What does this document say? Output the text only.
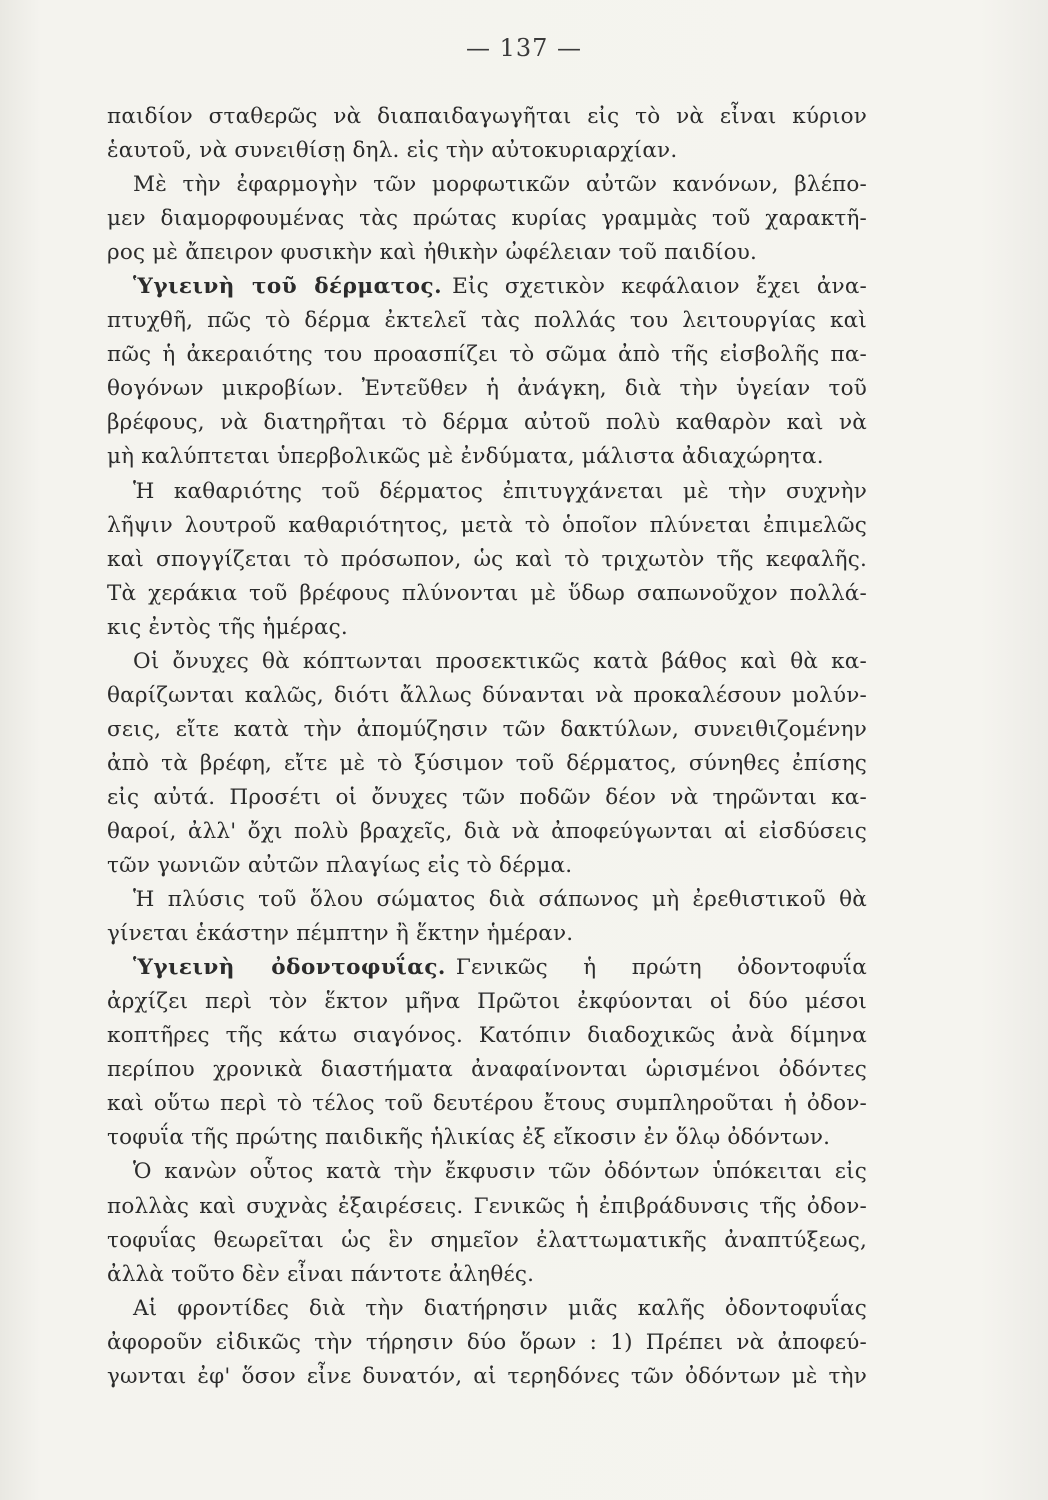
— 137 —
παιδίον σταθερῶς νὰ διαπαιδαγωγῆται εἰς τὸ νὰ εἶναι κύριον
ἑαυτοῦ, νὰ συνειθίσῃ δηλ. εἰς τὴν αὐτοκυριαρχίαν.
Μὲ τὴν ἐφαρμογὴν τῶν μορφωτικῶν αὐτῶν κανόνων, βλέπο-
μεν διαμορφουμένας τὰς πρώτας κυρίας γραμμὰς τοῦ χαρακτῆ-
ρος μὲ ἄπειρον φυσικὴν καὶ ἠθικὴν ὠφέλειαν τοῦ παιδίου.
Ὑγιεινὴ τοῦ δέρματος. Εἰς σχετικὸν κεφάλαιον ἔχει ἀνα-
πτυχθῆ, πῶς τὸ δέρμα ἐκτελεῖ τὰς πολλάς του λειτουργίας καὶ
πῶς ἡ ἀκεραιότης του προασπίζει τὸ σῶμα ἀπὸ τῆς εἰσβολῆς πα-
θογόνων μικροβίων. Ἐντεῦθεν ἡ ἀνάγκη, διὰ τὴν ὑγείαν τοῦ
βρέφους, νὰ διατηρῆται τὸ δέρμα αὐτοῦ πολὺ καθαρὸν καὶ νὰ
μὴ καλύπτεται ὑπερβολικῶς μὲ ἐνδύματα, μάλιστα ἀδιαχώρητα.
Ἡ καθαριότης τοῦ δέρματος ἐπιτυγχάνεται μὲ τὴν συχνὴν
λῆψιν λουτροῦ καθαριότητος, μετὰ τὸ ὁποῖον πλύνεται ἐπιμελῶς
καὶ σπογγίζεται τὸ πρόσωπον, ὡς καὶ τὸ τριχωτὸν τῆς κεφαλῆς.
Τὰ χεράκια τοῦ βρέφους πλύνονται μὲ ὕδωρ σαπωνοῦχον πολλά-
κις ἐντὸς τῆς ἡμέρας.
Οἱ ὄνυχες θὰ κόπτωνται προσεκτικῶς κατὰ βάθος καὶ θὰ κα-
θαρίζωνται καλῶς, διότι ἄλλως δύνανται νὰ προκαλέσουν μολύν-
σεις, εἴτε κατὰ τὴν ἀπομύζησιν τῶν δακτύλων, συνειθιζομένην
ἀπὸ τὰ βρέφη, εἴτε μὲ τὸ ξύσιμον τοῦ δέρματος, σύνηθες ἐπίσης
εἰς αὐτά. Προσέτι οἱ ὄνυχες τῶν ποδῶν δέον νὰ τηρῶνται κα-
θαροί, ἀλλ' ὄχι πολὺ βραχεῖς, διὰ νὰ ἀποφεύγωνται αἱ εἰσδύσεις
τῶν γωνιῶν αὐτῶν πλαγίως εἰς τὸ δέρμα.
Ἡ πλύσις τοῦ ὅλου σώματος διὰ σάπωνος μὴ ἐρεθιστικοῦ θὰ
γίνεται ἑκάστην πέμπτην ἢ ἕκτην ἡμέραν.
Ὑγιεινὴ ὀδοντοφυΐας. Γενικῶς ἡ πρώτη ὀδοντοφυΐα
ἀρχίζει περὶ τὸν ἕκτον μῆνα Πρῶτοι ἐκφύονται οἱ δύο μέσοι
κοπτῆρες τῆς κάτω σιαγόνος. Κατόπιν διαδοχικῶς ἀνὰ δίμηνα
περίπου χρονικὰ διαστήματα ἀναφαίνονται ὡρισμένοι ὀδόντες
καὶ οὕτω περὶ τὸ τέλος τοῦ δευτέρου ἔτους συμπληροῦται ἡ ὀδον-
τοφυΐα τῆς πρώτης παιδικῆς ἡλικίας ἐξ εἴκοσιν ἐν ὅλῳ ὀδόντων.
Ὁ κανὼν οὗτος κατὰ τὴν ἔκφυσιν τῶν ὀδόντων ὑπόκειται εἰς
πολλὰς καὶ συχνὰς ἐξαιρέσεις. Γενικῶς ἡ ἐπιβράδυνσις τῆς ὀδον-
τοφυΐας θεωρεῖται ὡς ἓν σημεῖον ἐλαττωματικῆς ἀναπτύξεως,
ἀλλὰ τοῦτο δὲν εἶναι πάντοτε ἀληθές.
Αἱ φροντίδες διὰ τὴν διατήρησιν μιᾶς καλῆς ὀδοντοφυΐας
ἀφοροῦν εἰδικῶς τὴν τήρησιν δύο ὅρων : 1) Πρέπει νὰ ἀποφεύ-
γωνται ἐφ' ὅσον εἶνε δυνατόν, αἱ τερηδόνες τῶν ὀδόντων μὲ τὴν
